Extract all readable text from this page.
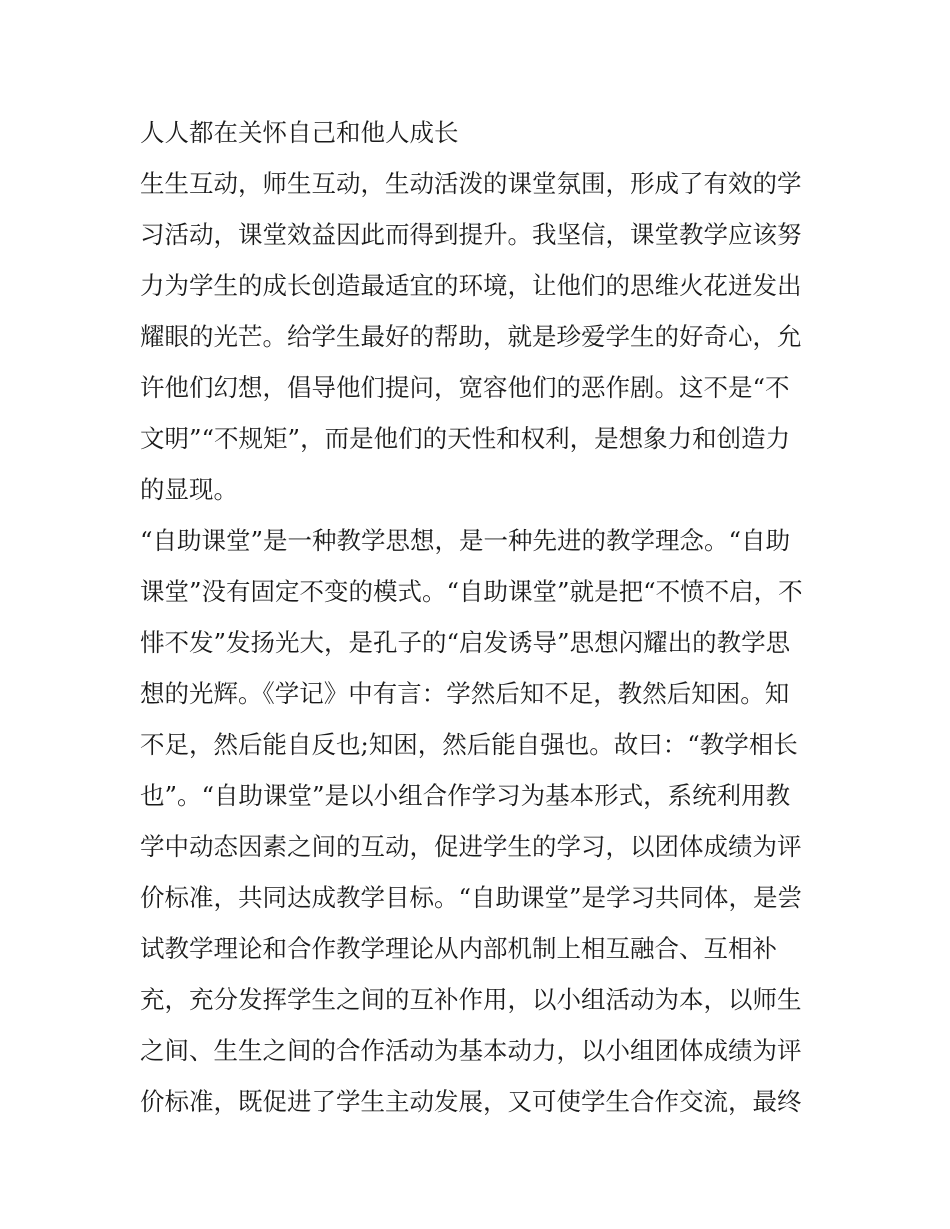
人人都在关怀自己和他人成长
生生互动，师生互动，生动活泼的课堂氛围，形成了有效的学
习活动，课堂效益因此而得到提升。我坚信，课堂教学应该努
力为学生的成长创造最适宜的环境，让他们的思维火花迸发出
耀眼的光芒。给学生最好的帮助，就是珍爱学生的好奇心，允
许他们幻想，倡导他们提问，宽容他们的恶作剧。这不是“不
文明”“不规矩”，而是他们的天性和权利，是想象力和创造力
的显现。
“自助课堂”是一种教学思想，是一种先进的教学理念。“自助
课堂”没有固定不变的模式。“自助课堂”就是把“不愤不启，不
悱不发”发扬光大，是孔子的“启发诱导”思想闪耀出的教学思
想的光辉。《学记》中有言：学然后知不足，教然后知困。知
不足，然后能自反也;知困，然后能自强也。故曰：“教学相长
也”。“自助课堂”是以小组合作学习为基本形式，系统利用教
学中动态因素之间的互动，促进学生的学习，以团体成绩为评
价标准，共同达成教学目标。“自助课堂”是学习共同体，是尝
试教学理论和合作教学理论从内部机制上相互融合、互相补
充，充分发挥学生之间的互补作用，以小组活动为本，以师生
之间、生生之间的合作活动为基本动力，以小组团体成绩为评
价标准，既促进了学生主动发展，又可使学生合作交流，最终
